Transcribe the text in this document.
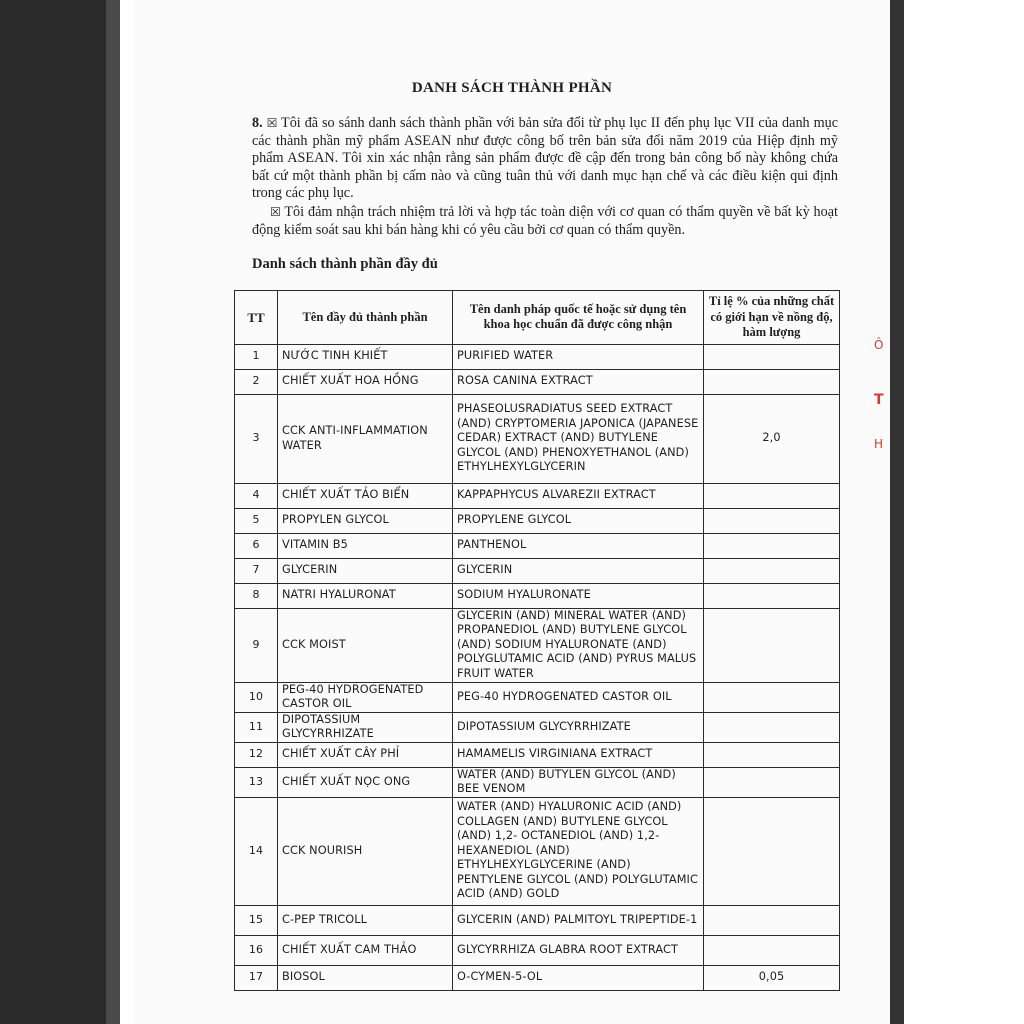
DANH SÁCH THÀNH PHẦN
8. ☒ Tôi đã so sánh danh sách thành phần với bản sửa đổi từ phụ lục II đến phụ lục VII của danh mục các thành phần mỹ phẩm ASEAN như được công bố trên bản sửa đổi năm 2019 của Hiệp định mỹ phẩm ASEAN. Tôi xin xác nhận rằng sản phẩm được đề cập đến trong bản công bố này không chứa bất cứ một thành phần bị cấm nào và cũng tuân thủ với danh mục hạn chế và các điều kiện qui định trong các phụ lục.
☒ Tôi đảm nhận trách nhiệm trả lời và hợp tác toàn diện với cơ quan có thẩm quyền về bất kỳ hoạt động kiểm soát sau khi bán hàng khi có yêu cầu bởi cơ quan có thẩm quyền.
Danh sách thành phần đầy đủ
TT	Tên đầy đủ thành phần	Tên danh pháp quốc tế hoặc sử dụng tên khoa học chuẩn đã được công nhận	Tỉ lệ % của những chất có giới hạn về nồng độ, hàm lượng
1	NƯỚC TINH KHIẾT	PURIFIED WATER	
2	CHIẾT XUẤT HOA HỒNG	ROSA CANINA EXTRACT	
3	CCK ANTI-INFLAMMATION WATER	PHASEOLUSRADIATUS SEED EXTRACT (AND) CRYPTOMERIA JAPONICA (JAPANESE CEDAR) EXTRACT (AND) BUTYLENE GLYCOL (AND) PHENOXYETHANOL (AND) ETHYLHEXYLGLYCERIN	2,0
4	CHIẾT XUẤT TẢO BIỂN	KAPPAPHYCUS ALVAREZII EXTRACT	
5	PROPYLEN GLYCOL	PROPYLENE GLYCOL	
6	VITAMIN B5	PANTHENOL	
7	GLYCERIN	GLYCERIN	
8	NATRI HYALURONAT	SODIUM HYALURONATE	
9	CCK MOIST	GLYCERIN (AND) MINERAL WATER (AND) PROPANEDIOL (AND) BUTYLENE GLYCOL (AND) SODIUM HYALURONATE (AND) POLYGLUTAMIC ACID (AND) PYRUS MALUS FRUIT WATER	
10	PEG-40 HYDROGENATED CASTOR OIL	PEG-40 HYDROGENATED CASTOR OIL	
11	DIPOTASSIUM GLYCYRRHIZATE	DIPOTASSIUM GLYCYRRHIZATE	
12	CHIẾT XUẤT CÂY PHỈ	HAMAMELIS VIRGINIANA EXTRACT	
13	CHIẾT XUẤT NỌC ONG	WATER (AND) BUTYLEN GLYCOL (AND) BEE VENOM	
14	CCK NOURISH	WATER (AND) HYALURONIC ACID (AND) COLLAGEN (AND) BUTYLENE GLYCOL (AND) 1,2- OCTANEDIOL (AND) 1,2-HEXANEDIOL (AND) ETHYLHEXYLGLYCERINE (AND) PENTYLENE GLYCOL (AND) POLYGLUTAMIC ACID (AND) GOLD	
15	C-PEP TRICOLL	GLYCERIN (AND) PALMITOYL TRIPEPTIDE-1	
16	CHIẾT XUẤT CAM THẢO	GLYCYRRHIZA GLABRA ROOT EXTRACT	
17	BIOSOL	O-CYMEN-5-OL	0,05
Ô
T
H
